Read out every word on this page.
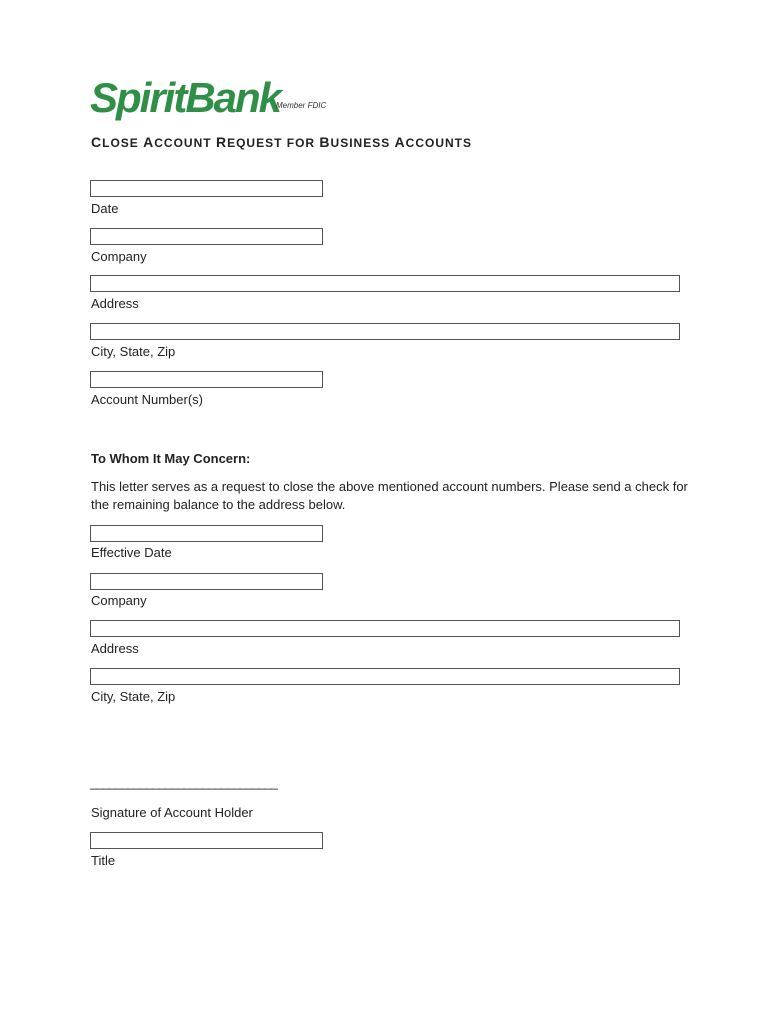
SpiritBank
Member FDIC
CLOSE ACCOUNT REQUEST FOR BUSINESS ACCOUNTS
Date
Company
Address
City, State, Zip
Account Number(s)
To Whom It May Concern:
This letter serves as a request to close the above mentioned account numbers. Please send a check for the remaining balance to the address below.
Effective Date
Company
Address
City, State, Zip
______________________________
Signature of Account Holder
Title
